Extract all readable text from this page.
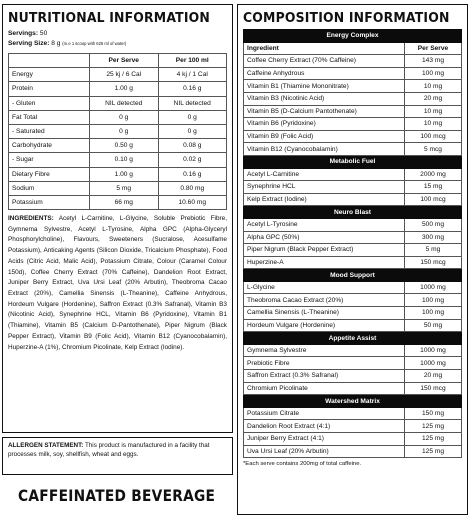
NUTRITIONAL INFORMATION
Servings: 50
Serving Size: 8 g (m.e 1 scoop with 625 ml of water)
	Per Serve	Per 100 ml
Energy	25 kj / 6 Cal	4 kj / 1 Cal
Protein	1.00 g	0.16 g
- Gluten	NIL detected	NIL detected
Fat Total	0 g	0 g
- Saturated	0 g	0 g
Carbohydrate	0.50 g	0.08 g
- Sugar	0.10 g	0.02 g
Dietary Fibre	1.00 g	0.16 g
Sodium	5 mg	0.80 mg
Potassium	66 mg	10.60 mg
INGREDIENTS: Acetyl L-Carnitine, L-Glycine, Soluble Prebiotic Fibre, Gymnema Sylvestre, Acetyl L-Tyrosine, Alpha GPC (Alpha-Glyceryl Phosphorylcholine), Flavours, Sweeteners (Sucralose, Acesulfame Potassium), Anticaking Agents (Silicon Dioxide, Tricalcium Phosphate), Food Acids (Citric Acid, Malic Acid), Potassium Citrate, Colour (Caramel Colour 150d), Coffee Cherry Extract (70% Caffeine), Dandelion Root Extract, Juniper Berry Extract, Uva Ursi Leaf (20% Arbutin), Theobroma Cacao Extract (20%), Camellia Sinensis (L-Theanine), Caffeine Anhydrous, Hordeum Vulgare (Hordenine), Saffron Extract (0.3% Safranal), Vitamin B3 (Nicotinic Acid), Synephrine HCL, Vitamin B6 (Pyridoxine), Vitamin B1 (Thiamine), Vitamin B5 (Calcium D-Pantothenate), Piper Nigrum (Black Pepper Extract), Vitamin B9 (Folic Acid), Vitamin B12 (Cyanocobalamin), Huperzine-A (1%), Chromium Picolinate, Kelp Extract (Iodine).
ALLERGEN STATEMENT: This product is manufactured in a facility that processes milk, soy, shellfish, wheat and eggs.
CAFFEINATED BEVERAGE
COMPOSITION INFORMATION
Energy Complex	
Ingredient	Per Serve
Coffee Cherry Extract (70% Caffeine)	143 mg
Caffeine Anhydrous	100 mg
Vitamin B1 (Thiamine Mononitrate)	10 mg
Vitamin B3 (Nicotinic Acid)	20 mg
Vitamin B5 (D-Calcium Pantothenate)	10 mg
Vitamin B6 (Pyridoxine)	10 mg
Vitamin B9 (Folic Acid)	100 mcg
Vitamin B12 (Cyanocobalamin)	5 mcg
Metabolic Fuel	
Acetyl L-Carnitine	2000 mg
Synephrine HCL	15 mg
Kelp Extract (Iodine)	100 mcg
Neuro Blast	
Acetyl L-Tyrosine	500 mg
Alpha GPC (50%)	300 mg
Piper Nigrum (Black Pepper Extract)	5 mg
Huperzine-A	150 mcg
Mood Support	
L-Glycine	1000 mg
Theobroma Cacao Extract (20%)	100 mg
Camellia Sinensis (L-Theanine)	100 mg
Hordeum Vulgare (Hordenine)	50 mg
Appetite Assist	
Gymnema Sylvestre	1000 mg
Prebiotic Fibre	1000 mg
Saffron Extract (0.3% Safranal)	20 mg
Chromium Picolinate	150 mcg
Watershed Matrix	
Potassium Citrate	150 mg
Dandelion Root Extract (4:1)	125 mg
Juniper Berry Extract (4:1)	125 mg
Uva Ursi Leaf (20% Arbutin)	125 mg
*Each serve contains 200mg of total caffeine.
